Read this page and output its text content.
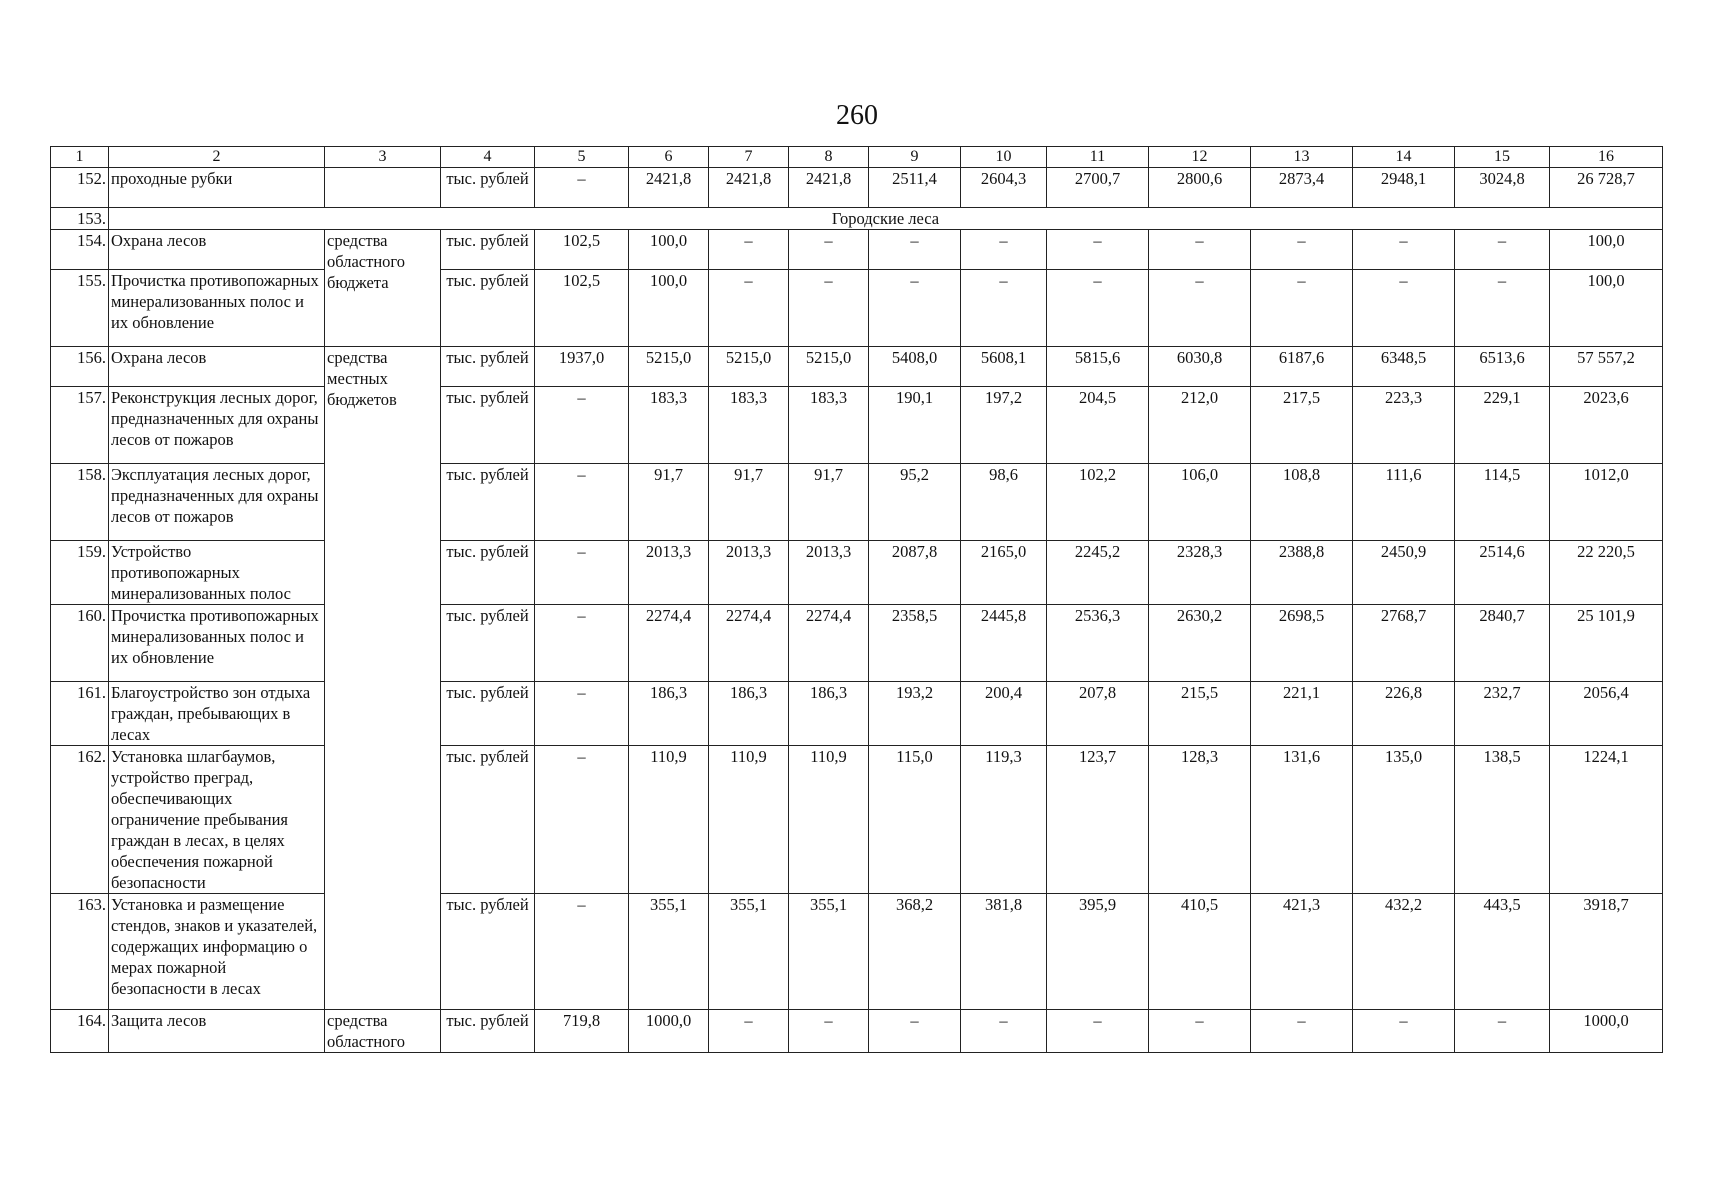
260
1	2	3	4	5	6	7	8	9	10	11	12	13	14	15	16
152.	проходные рубки		тыс. рублей	–	2421,8	2421,8	2421,8	2511,4	2604,3	2700,7	2800,6	2873,4	2948,1	3024,8	26 728,7
153.	Городские леса														
154.	Охрана лесов	средства областного бюджета	тыс. рублей	102,5	100,0	–	–	–	–	–	–	–	–	–	100,0
155.	Прочистка противопожарных минерализованных полос и их обновление		тыс. рублей	102,5	100,0	–	–	–	–	–	–	–	–	–	100,0
156.	Охрана лесов	средства местных бюджетов	тыс. рублей	1937,0	5215,0	5215,0	5215,0	5408,0	5608,1	5815,6	6030,8	6187,6	6348,5	6513,6	57 557,2
157.	Реконструкция лесных дорог, предназначенных для охраны лесов от пожаров		тыс. рублей	–	183,3	183,3	183,3	190,1	197,2	204,5	212,0	217,5	223,3	229,1	2023,6
158.	Эксплуатация лесных дорог, предназначенных для охраны лесов от пожаров		тыс. рублей	–	91,7	91,7	91,7	95,2	98,6	102,2	106,0	108,8	111,6	114,5	1012,0
159.	Устройство противопожарных минерализованных полос		тыс. рублей	–	2013,3	2013,3	2013,3	2087,8	2165,0	2245,2	2328,3	2388,8	2450,9	2514,6	22 220,5
160.	Прочистка противопожарных минерализованных полос и их обновление		тыс. рублей	–	2274,4	2274,4	2274,4	2358,5	2445,8	2536,3	2630,2	2698,5	2768,7	2840,7	25 101,9
161.	Благоустройство зон отдыха граждан, пребывающих в лесах		тыс. рублей	–	186,3	186,3	186,3	193,2	200,4	207,8	215,5	221,1	226,8	232,7	2056,4
162.	Установка шлагбаумов, устройство преград, обеспечивающих ограничение пребывания граждан в лесах, в целях обеспечения пожарной безопасности		тыс. рублей	–	110,9	110,9	110,9	115,0	119,3	123,7	128,3	131,6	135,0	138,5	1224,1
163.	Установка и размещение стендов, знаков и указателей, содержащих информацию о мерах пожарной безопасности в лесах		тыс. рублей	–	355,1	355,1	355,1	368,2	381,8	395,9	410,5	421,3	432,2	443,5	3918,7
164.	Защита лесов	средства областного	тыс. рублей	719,8	1000,0	–	–	–	–	–	–	–	–	–	1000,0
